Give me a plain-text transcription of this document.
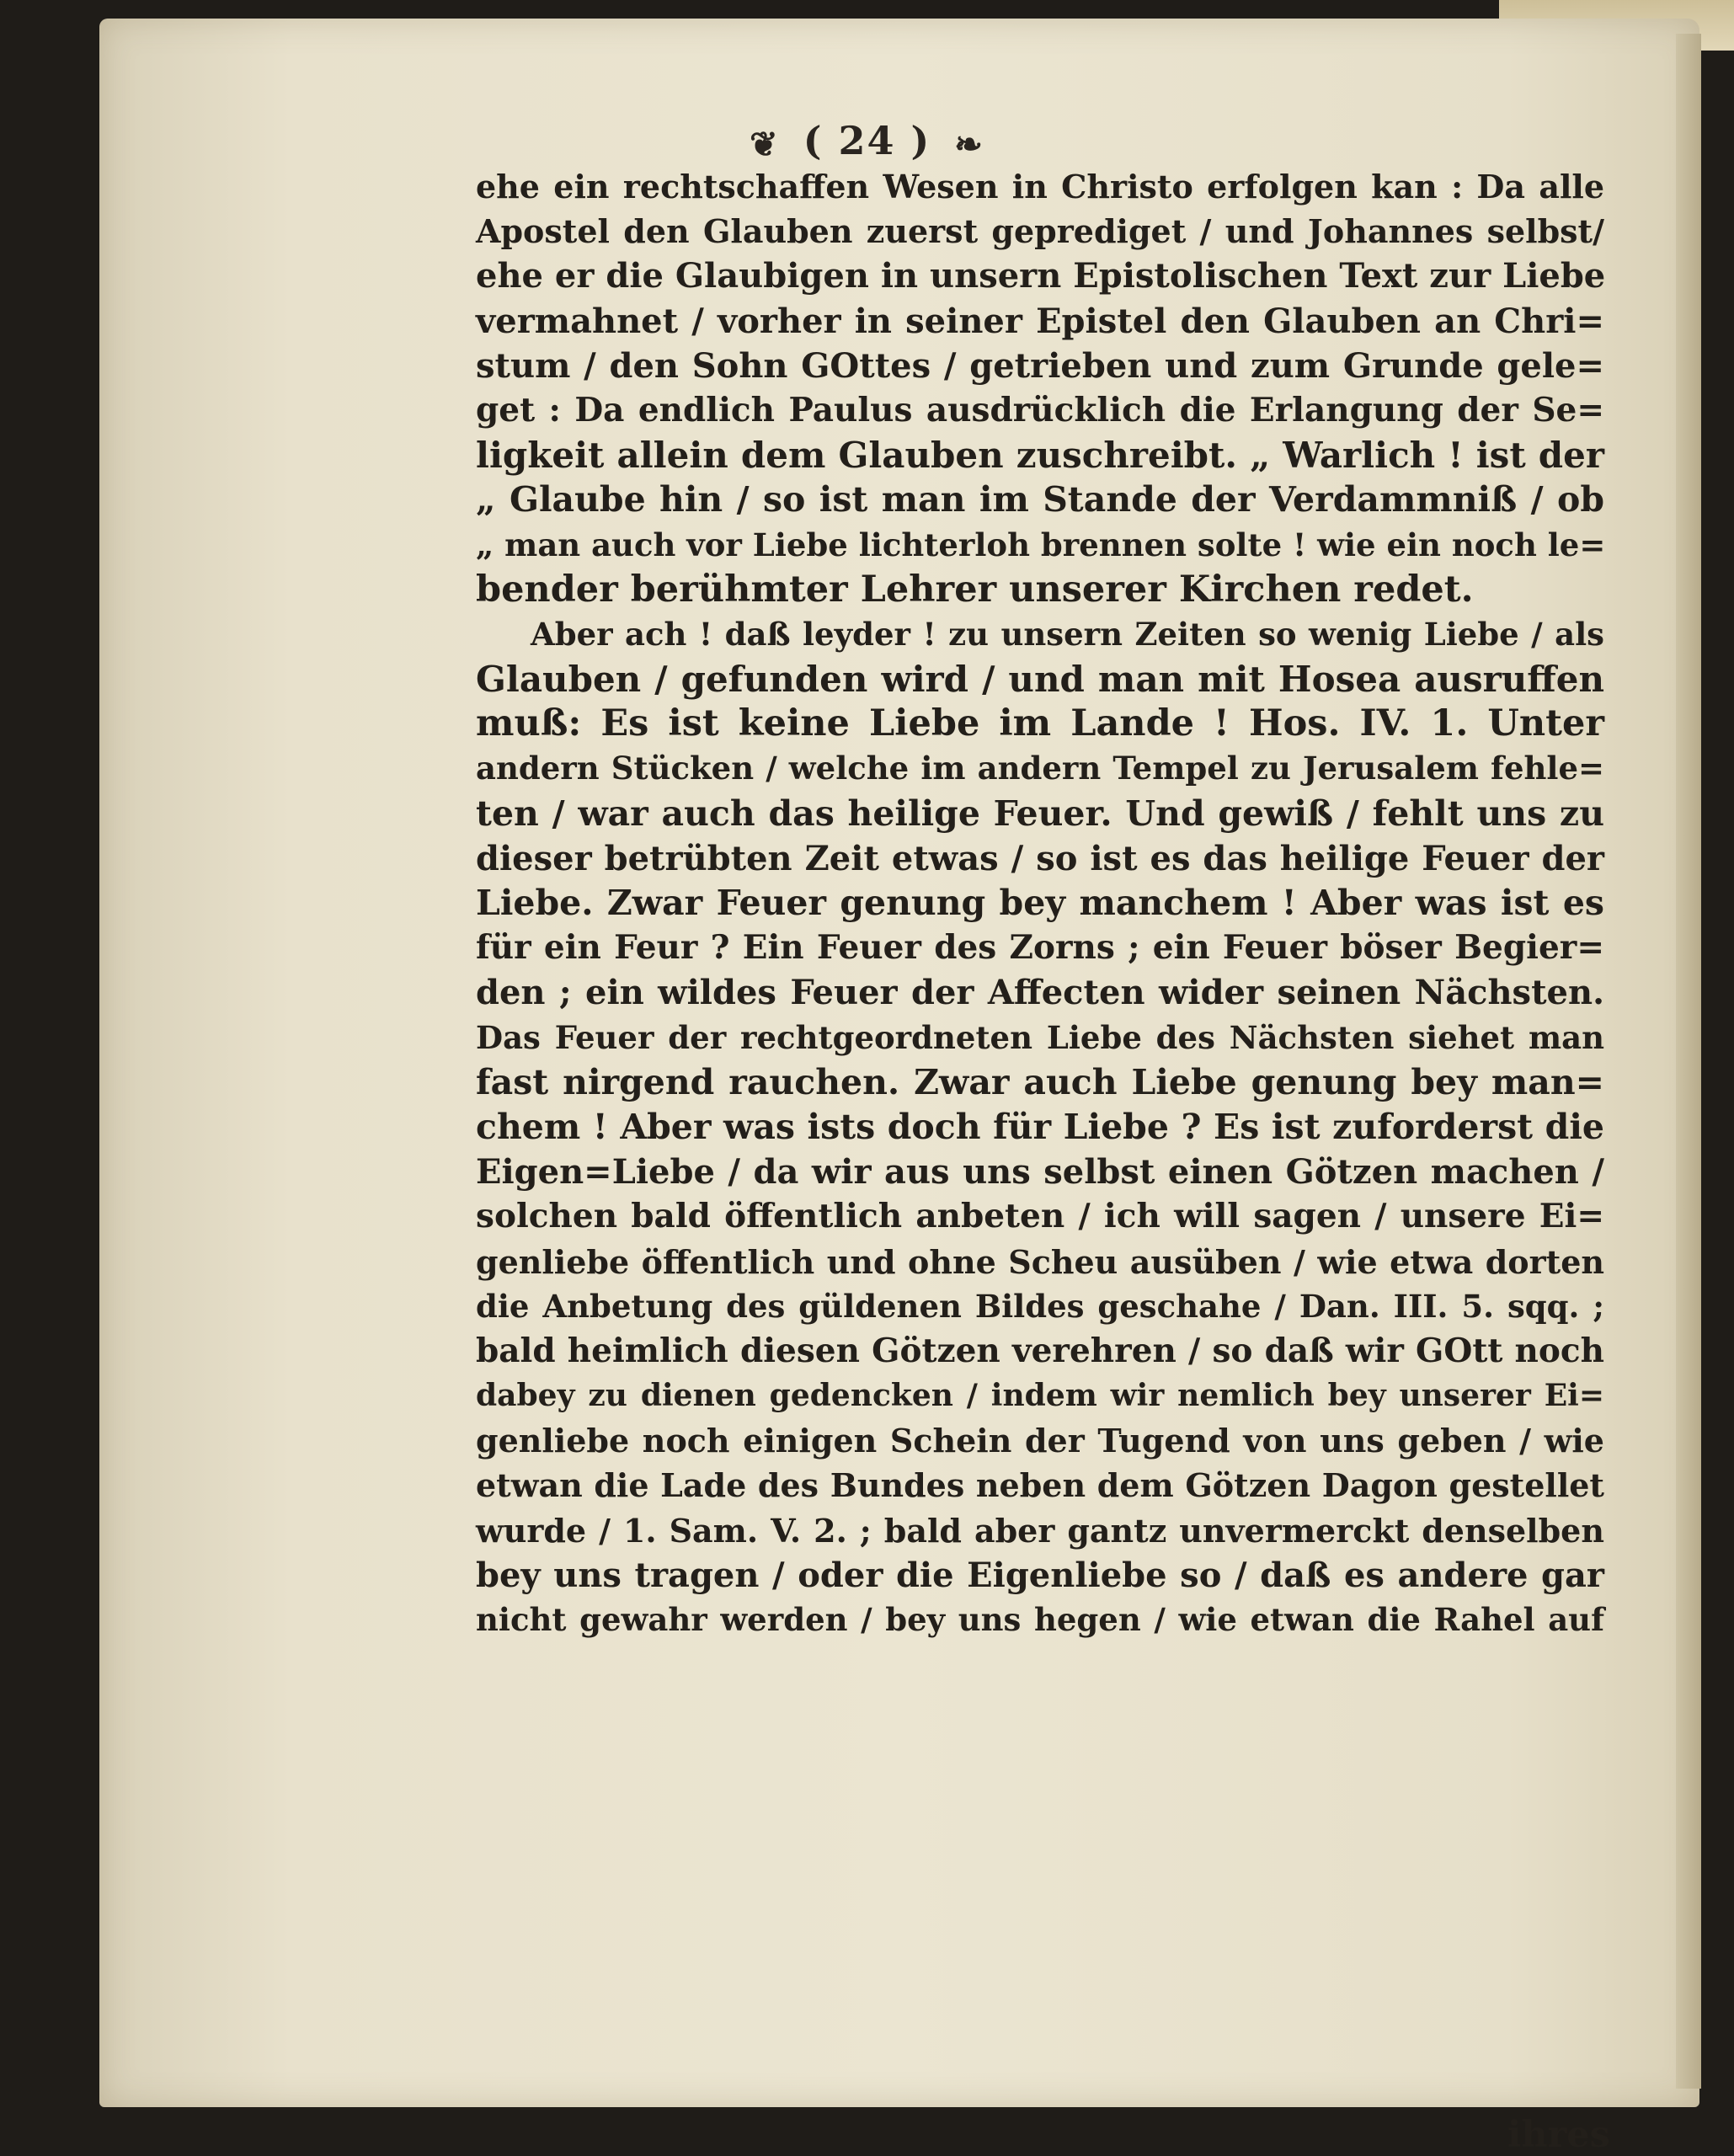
❦ ( 24 ) ❧
ehe ein rechtschaffen Wesen in Christo erfolgen kan : Da alle
Apostel den Glauben zuerst geprediget / und Johannes selbst/
ehe er die Glaubigen in unsern Epistolischen Text zur Liebe
vermahnet / vorher in seiner Epistel den Glauben an Chri=
stum / den Sohn GOttes / getrieben und zum Grunde gele=
get : Da endlich Paulus ausdrücklich die Erlangung der Se=
ligkeit allein dem Glauben zuschreibt. „ Warlich ! ist der
„ Glaube hin / so ist man im Stande der Verdammniß / ob
„ man auch vor Liebe lichterloh brennen solte ! wie ein noch le=
bender berühmter Lehrer unserer Kirchen redet.
Aber ach ! daß leyder ! zu unsern Zeiten so wenig Liebe / als
Glauben / gefunden wird / und man mit Hosea ausruffen
muß: Es ist keine Liebe im Lande ! Hos. IV. 1. Unter
andern Stücken / welche im andern Tempel zu Jerusalem fehle=
ten / war auch das heilige Feuer. Und gewiß / fehlt uns zu
dieser betrübten Zeit etwas / so ist es das heilige Feuer der
Liebe. Zwar Feuer genung bey manchem ! Aber was ist es
für ein Feur ? Ein Feuer des Zorns ; ein Feuer böser Begier=
den ; ein wildes Feuer der Affecten wider seinen Nächsten.
Das Feuer der rechtgeordneten Liebe des Nächsten siehet man
fast nirgend rauchen. Zwar auch Liebe genung bey man=
chem ! Aber was ists doch für Liebe ? Es ist zuforderst die
Eigen=Liebe / da wir aus uns selbst einen Götzen machen /
solchen bald öffentlich anbeten / ich will sagen / unsere Ei=
genliebe öffentlich und ohne Scheu ausüben / wie etwa dorten
die Anbetung des güldenen Bildes geschahe / Dan. III. 5. sqq. ;
bald heimlich diesen Götzen verehren / so daß wir GOtt noch
dabey zu dienen gedencken / indem wir nemlich bey unserer Ei=
genliebe noch einigen Schein der Tugend von uns geben / wie
etwan die Lade des Bundes neben dem Götzen Dagon gestellet
wurde / 1. Sam. V. 2. ; bald aber gantz unvermerckt denselben
bey uns tragen / oder die Eigenliebe so / daß es andere gar
nicht gewahr werden / bey uns hegen / wie etwan die Rahel auf
ihres
